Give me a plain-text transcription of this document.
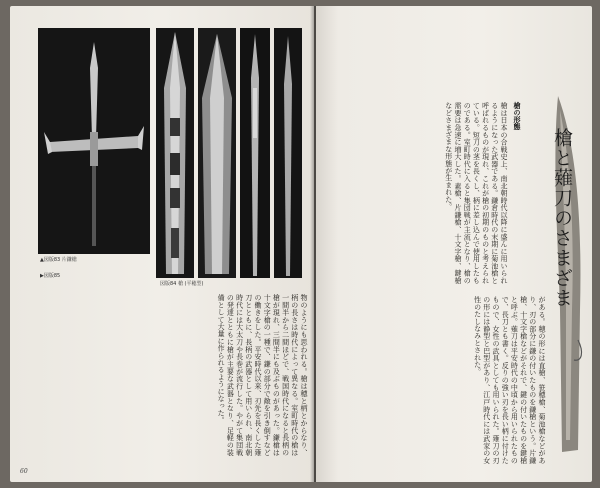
▲図版83 片鎌槍
図版84 槍 (平穂型)
▶図版85
物のようにも思われる。槍は穂と柄とからなり、柄の長さは時代によって異なる。室町時代の槍は一間半から二間ほどで、戦国時代になると長柄の槍が現れ、三間半にも及ぶものがあった。鎌槍は十文字槍の一種で、鎌の部分で敵を引き倒すなどの働きをした。平安時代以来、刃先を長くした薙刀とともに、長柄の武器として用いられ、南北朝時代には大太刀や長巻が流行した。やがて集団戦の発達とともに槍が主要な武器となり、足軽の装備として大量に作られるようになった。
60
槍の形態
槍は日本の合戦史上、南北朝時代以降に盛んに用いられるようになった武器である。鎌倉時代の末期に菊池槍と呼ばれるものが現れ、これが槍の初期のものと考えられている。短刀の茎を長くし、柄に差し込んで使用したものである。室町時代に入ると集団戦が主流となり、槍の需要は急速に増大した。素槍、片鎌槍、十文字槍、鍵槍などさまざまな形態が生まれた。
がある。穂の形には直槍、笹穂槍、菊池槍などがあり、刃の部分に鎌の付いたものを鎌槍という。片鎌槍、十文字槍などがそれで、鍵の付いたものを鍵槍と呼ぶ。薙刀は平安時代の中頃から用いられたもので、長刀とも書く。反りの強い刃を長い柄に付けたもので、女性の武具としても用いられた。薙刀の刃の形には静型と巴型があり、江戸時代には武家の女性のたしなみとされた。
槍と薙刀のさまざま
